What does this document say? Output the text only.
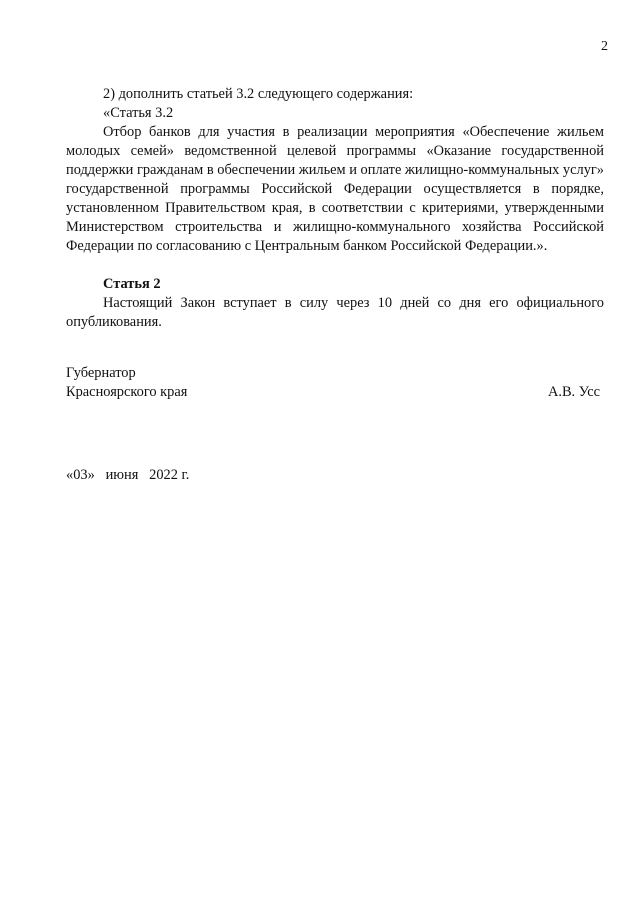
2

2) дополнить статьей 3.2 следующего содержания:

«Статья 3.2

Отбор банков для участия в реализации мероприятия «Обеспечение жильем молодых семей» ведомственной целевой программы «Оказание государственной поддержки гражданам в обеспечении жильем и оплате жилищно-коммунальных услуг» государственной программы Российской Федерации осуществляется в порядке, установленном Правительством края, в соответствии с критериями, утвержденными Министерством строительства и жилищно-коммунального хозяйства Российской Федерации по согласованию с Центральным банком Российской Федерации.».

Статья 2

Настоящий Закон вступает в силу через 10 дней со дня его официального опубликования.

Губернатор
Красноярского края	А.В. Усс
«03»   июня   2022 г.
